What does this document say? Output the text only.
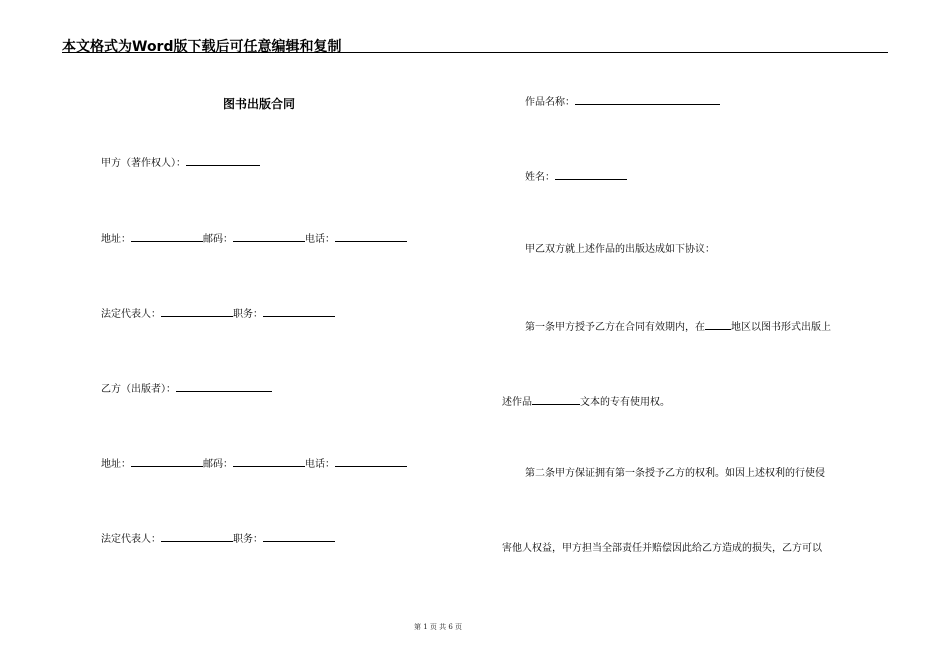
本文格式为Word版下载后可任意编辑和复制
图书出版合同
甲方（著作权人）：
地址：	邮码：	电话：
法定代表人：	职务：
乙方（出版者）：
地址：	邮码：	电话：
法定代表人：	职务：
作品名称：
姓名：
甲乙双方就上述作品的出版达成如下协议：
第一条甲方授予乙方在合同有效期内，在	地区以图书形式出版上
述作品	文本的专有使用权。
第二条甲方保证拥有第一条授予乙方的权利。如因上述权利的行使侵
害他人权益，甲方担当全部责任并赔偿因此给乙方造成的损失，乙方可以
第 1 页 共 6 页
